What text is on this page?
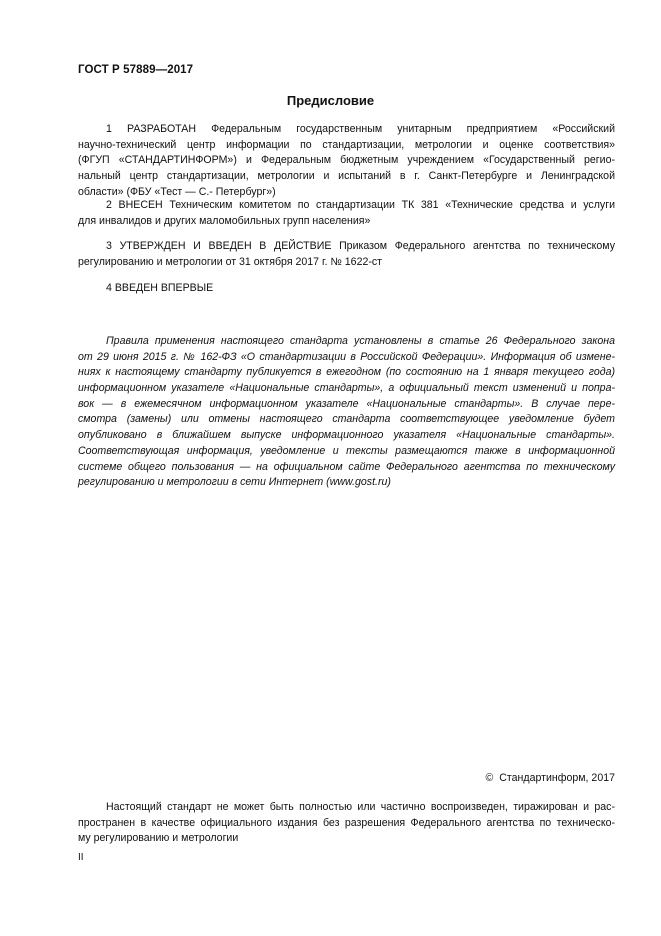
ГОСТ Р 57889—2017
Предисловие
1 РАЗРАБОТАН Федеральным государственным унитарным предприятием «Российский
научно-технический центр информации по стандартизации, метрологии и оценке соответствия»
(ФГУП «СТАНДАРТИНФОРМ») и Федеральным бюджетным учреждением «Государственный регио-
нальный центр стандартизации, метрологии и испытаний в г. Санкт-Петербурге и Ленинградской
области» (ФБУ «Тест — С.- Петербург»)
2 ВНЕСЕН Техническим комитетом по стандартизации ТК 381 «Технические средства и услуги
для инвалидов и других маломобильных групп населения»
3 УТВЕРЖДЕН И ВВЕДЕН В ДЕЙСТВИЕ Приказом Федерального агентства по техническому
регулированию и метрологии от 31 октября 2017 г. № 1622-ст
4 ВВЕДЕН ВПЕРВЫЕ
Правила применения настоящего стандарта установлены в статье 26 Федерального закона
от 29 июня 2015 г. № 162-ФЗ «О стандартизации в Российской Федерации». Информация об измене-
ниях к настоящему стандарту публикуется в ежегодном (по состоянию на 1 января текущего года)
информационном указателе «Национальные стандарты», а официальный текст изменений и попра-
вок — в ежемесячном информационном указателе «Национальные стандарты». В случае пере-
смотра (замены) или отмены настоящего стандарта соответствующее уведомление будет
опубликовано в ближайшем выпуске информационного указателя «Национальные стандарты».
Соответствующая информация, уведомление и тексты размещаются также в информационной
системе общего пользования — на официальном сайте Федерального агентства по техническому
регулированию и метрологии в сети Интернет (www.gost.ru)
© Стандартинформ, 2017
Настоящий стандарт не может быть полностью или частично воспроизведен, тиражирован и рас-
пространен в качестве официального издания без разрешения Федерального агентства по техническо-
му регулированию и метрологии
II
